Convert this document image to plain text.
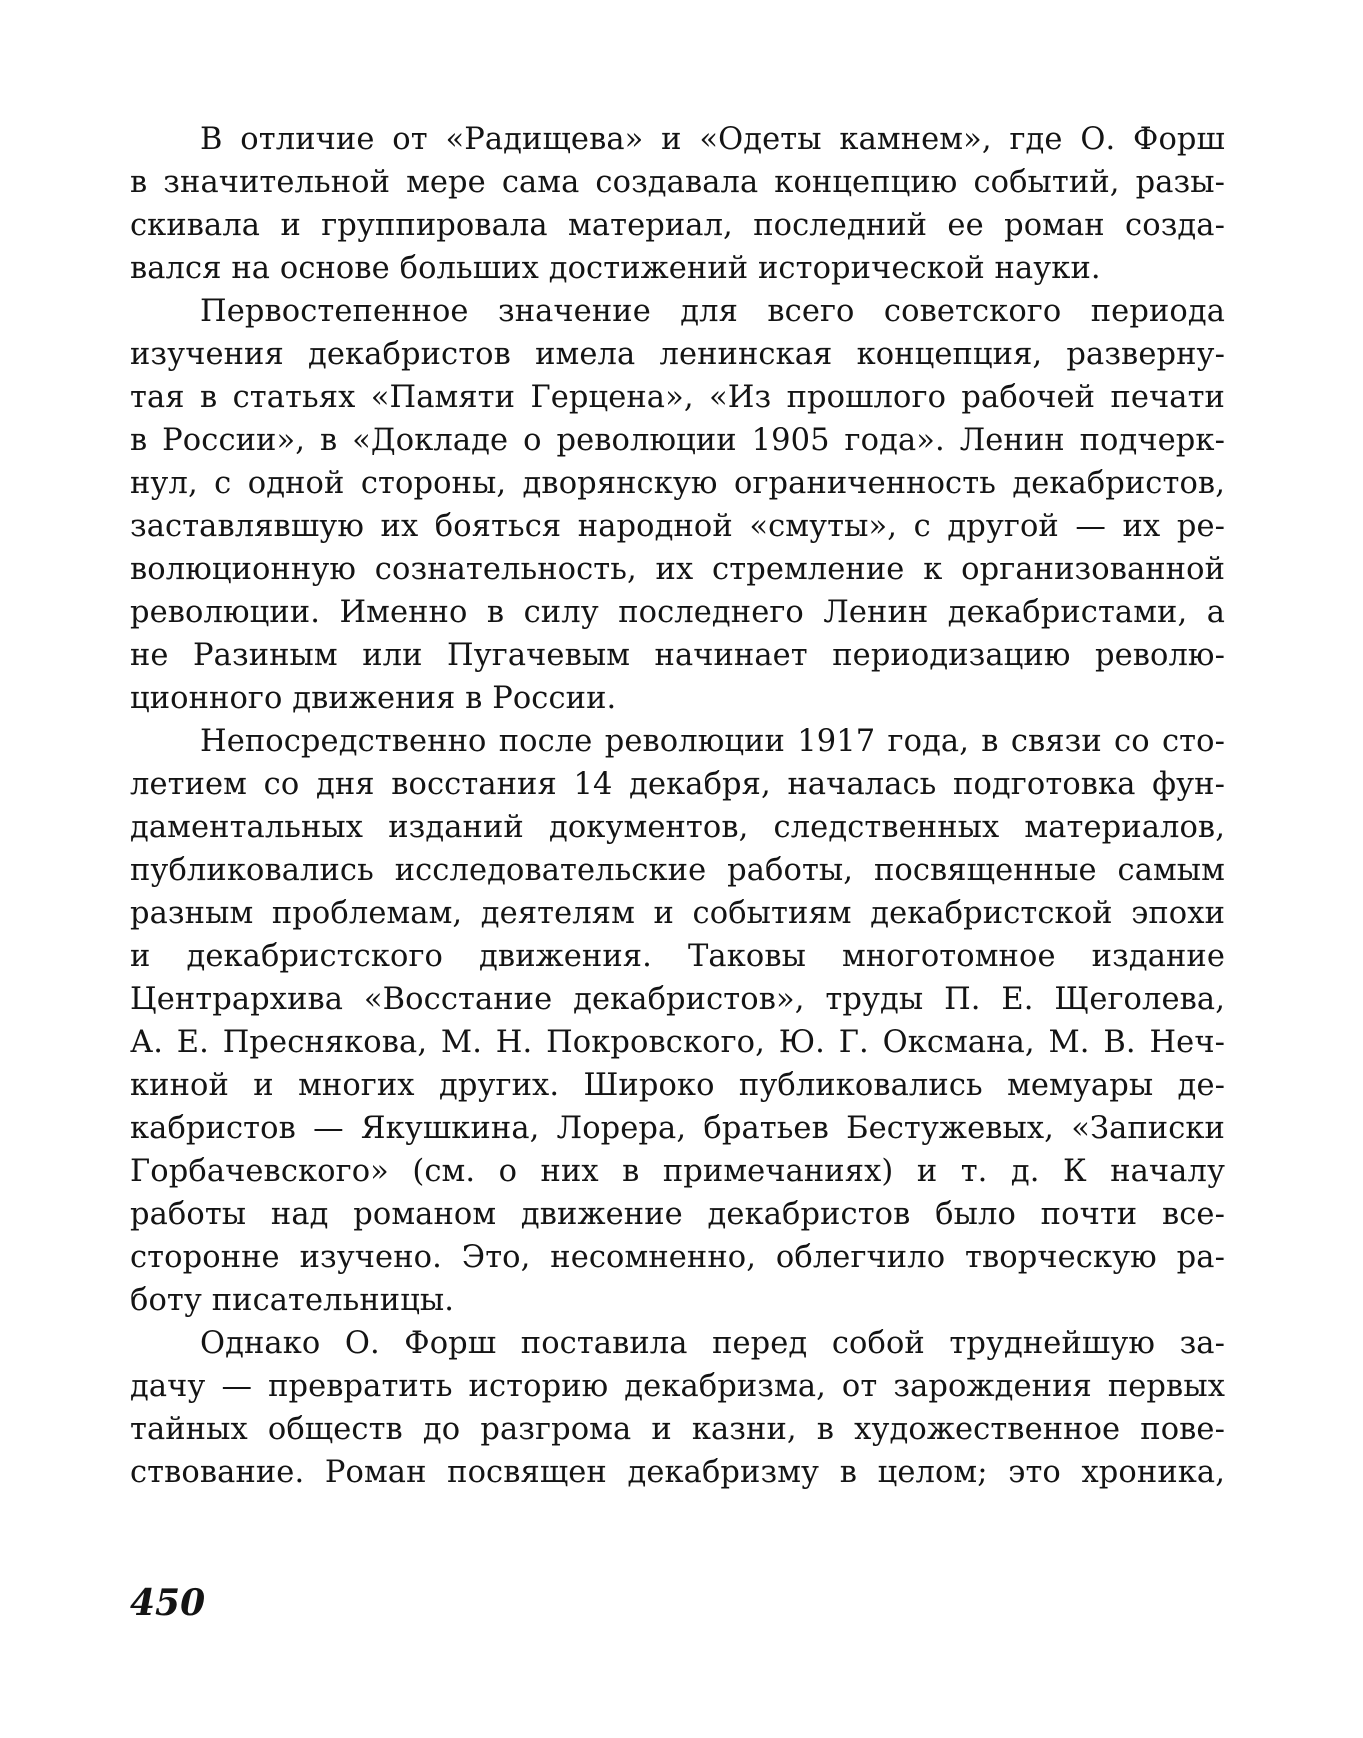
В отличие от «Радищева» и «Одеты камнем», где О. Форш
в значительной мере сама создавала концепцию событий, разы-
скивала и группировала материал, последний ее роман созда-
вался на основе больших достижений исторической науки.
Первостепенное значение для всего советского периода
изучения декабристов имела ленинская концепция, разверну-
тая в статьях «Памяти Герцена», «Из прошлого рабочей печати
в России», в «Докладе о революции 1905 года». Ленин подчерк-
нул, с одной стороны, дворянскую ограниченность декабристов,
заставлявшую их бояться народной «смуты», с другой — их ре-
волюционную сознательность, их стремление к организованной
революции. Именно в силу последнего Ленин декабристами, а
не Разиным или Пугачевым начинает периодизацию револю-
ционного движения в России.
Непосредственно после революции 1917 года, в связи со сто-
летием со дня восстания 14 декабря, началась подготовка фун-
даментальных изданий документов, следственных материалов,
публиковались исследовательские работы, посвященные самым
разным проблемам, деятелям и событиям декабристской эпохи
и декабристского движения. Таковы многотомное издание
Центрархива «Восстание декабристов», труды П. Е. Щеголева,
А. Е. Преснякова, М. Н. Покровского, Ю. Г. Оксмана, М. В. Неч-
киной и многих других. Широко публиковались мемуары де-
кабристов — Якушкина, Лорера, братьев Бестужевых, «Записки
Горбачевского» (см. о них в примечаниях) и т. д. К началу
работы над романом движение декабристов было почти все-
сторонне изучено. Это, несомненно, облегчило творческую ра-
боту писательницы.
Однако О. Форш поставила перед собой труднейшую за-
дачу — превратить историю декабризма, от зарождения первых
тайных обществ до разгрома и казни, в художественное пове-
ствование. Роман посвящен декабризму в целом; это хроника,
450
